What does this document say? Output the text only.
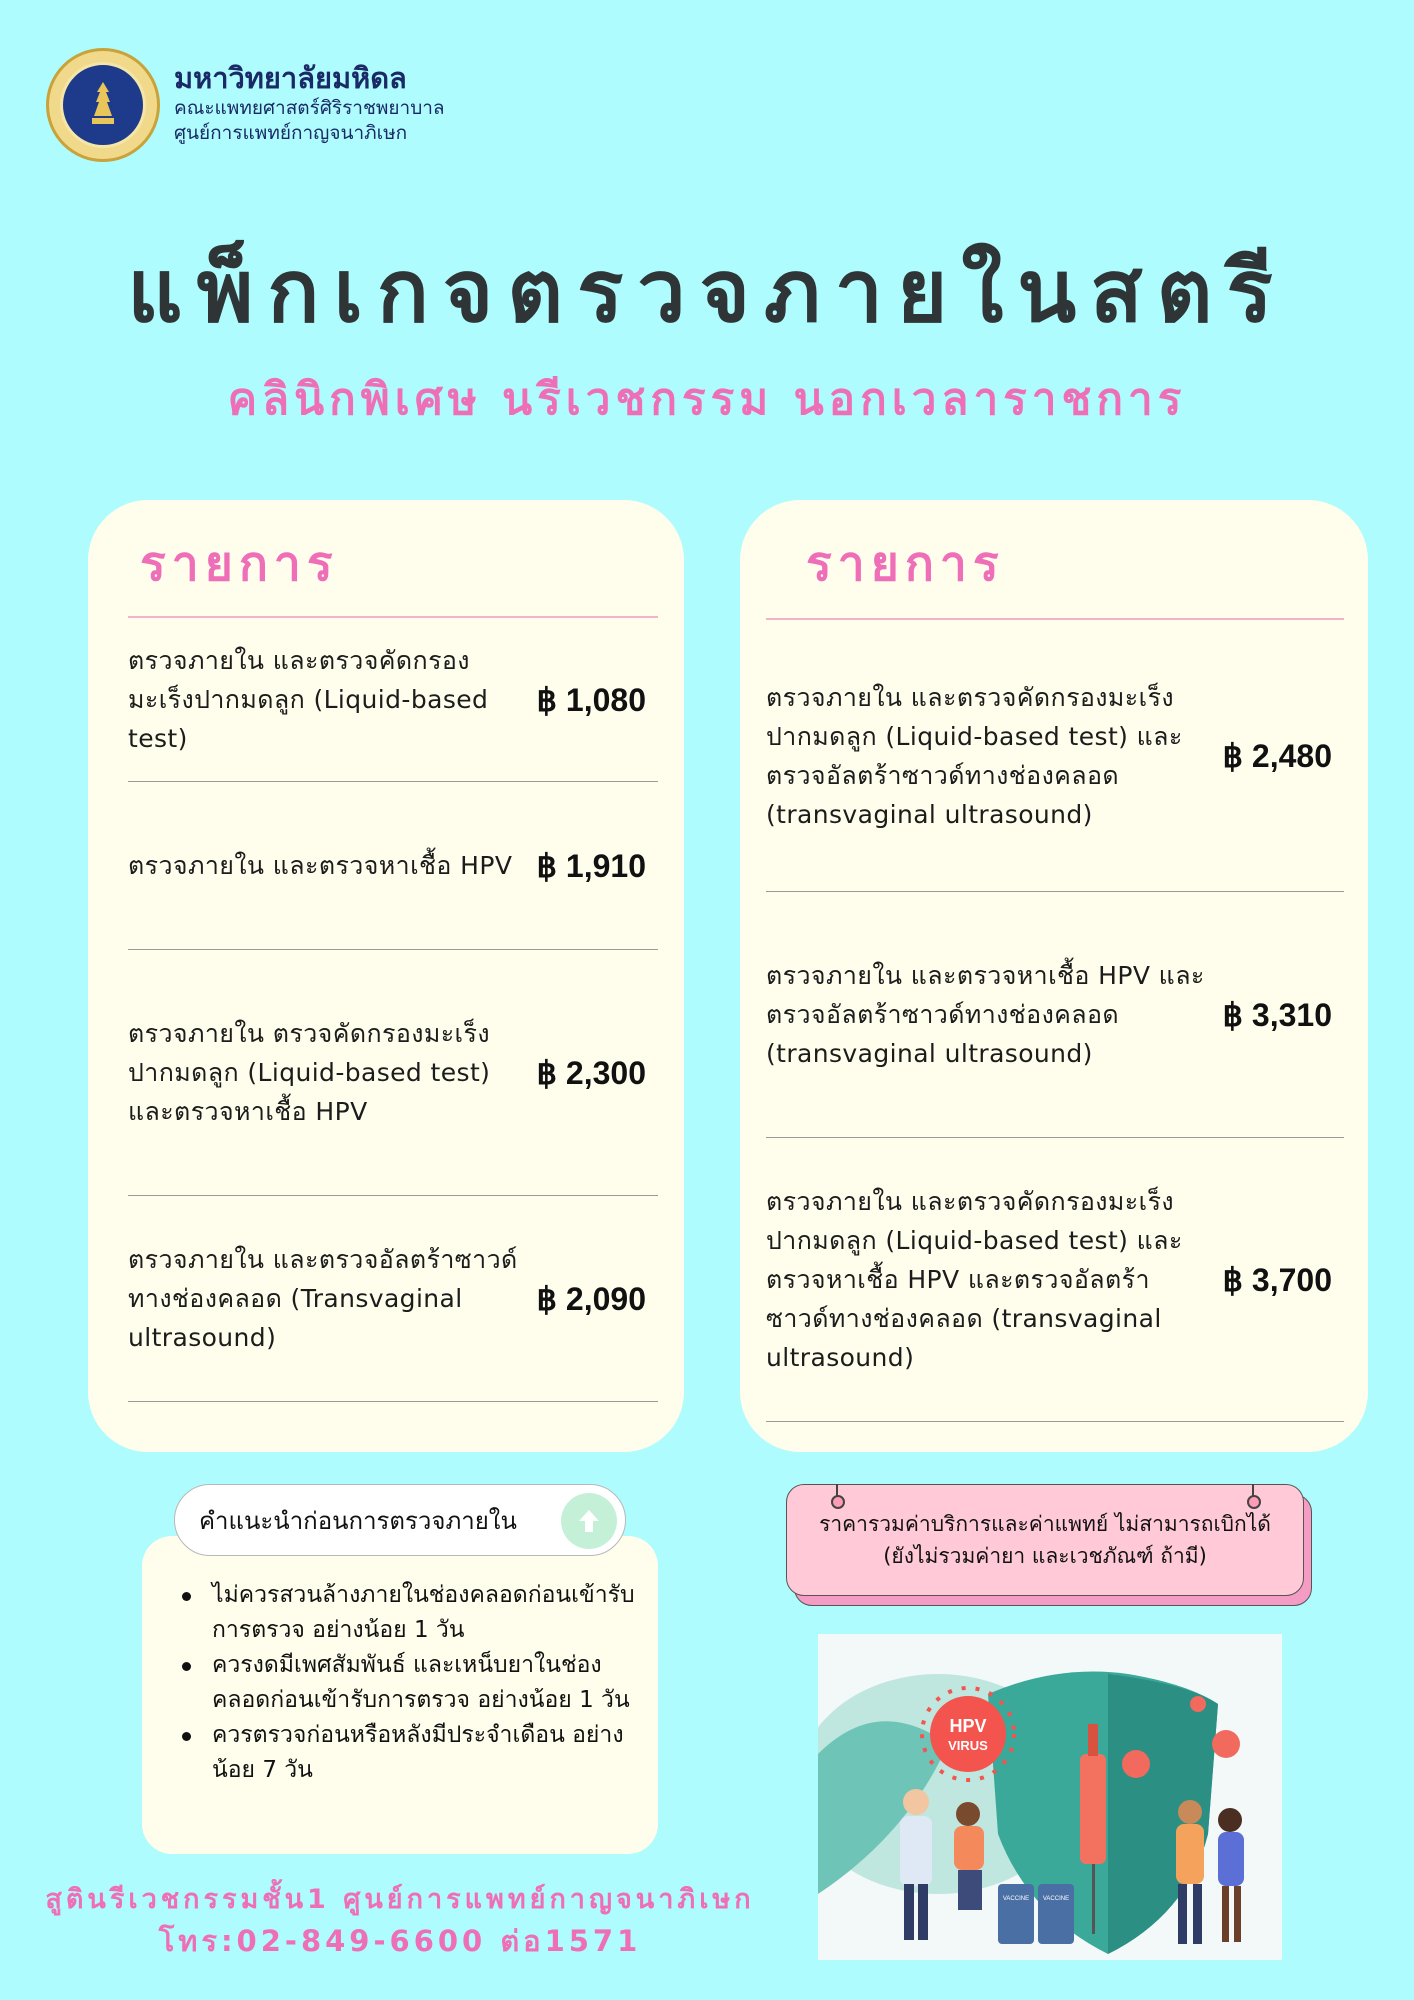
มหาวิทยาลัยมหิดล
คณะแพทยศาสตร์ศิริราชพยาบาล
ศูนย์การแพทย์กาญจนาภิเษก
แพ็กเกจตรวจภายในสตรี
คลินิกพิเศษ นรีเวชกรรม นอกเวลาราชการ
รายการ
ตรวจภายใน และตรวจคัดกรองมะเร็งปากมดลูก (Liquid-based test)
฿ 1,080
ตรวจภายใน และตรวจหาเชื้อ HPV ฿ 1,910
ตรวจภายใน ตรวจคัดกรองมะเร็งปากมดลูก (Liquid-based test) และตรวจหาเชื้อ HPV
฿ 2,300
ตรวจภายใน และตรวจอัลตร้าซาวด์ทางช่องคลอด (Transvaginal ultrasound)
฿ 2,090
รายการ
ตรวจภายใน และตรวจคัดกรองมะเร็งปากมดลูก (Liquid-based test) และตรวจอัลตร้าซาวด์ทางช่องคลอด (transvaginal ultrasound)
฿ 2,480
ตรวจภายใน และตรวจหาเชื้อ HPV และตรวจอัลตร้าซาวด์ทางช่องคลอด (transvaginal ultrasound)
฿ 3,310
ตรวจภายใน และตรวจคัดกรองมะเร็งปากมดลูก (Liquid-based test) และตรวจหาเชื้อ HPV และตรวจอัลตร้าซาวด์ทางช่องคลอด (transvaginal ultrasound)
฿ 3,700
คำแนะนำก่อนการตรวจภายใน
ไม่ควรสวนล้างภายในช่องคลอดก่อนเข้ารับการตรวจ อย่างน้อย 1 วัน
ควรงดมีเพศสัมพันธ์ และเหน็บยาในช่องคลอดก่อนเข้ารับการตรวจ อย่างน้อย 1 วัน
ควรตรวจก่อนหรือหลังมีประจำเดือน อย่างน้อย 7 วัน
ราคารวมค่าบริการและค่าแพทย์ ไม่สามารถเบิกได้
(ยังไม่รวมค่ายา และเวชภัณฑ์ ถ้ามี)
HPV
VIRUS
VACCINE VACCINE
สูตินรีเวชกรรมชั้น1 ศูนย์การแพทย์กาญจนาภิเษก
โทร:02-849-6600 ต่อ1571
